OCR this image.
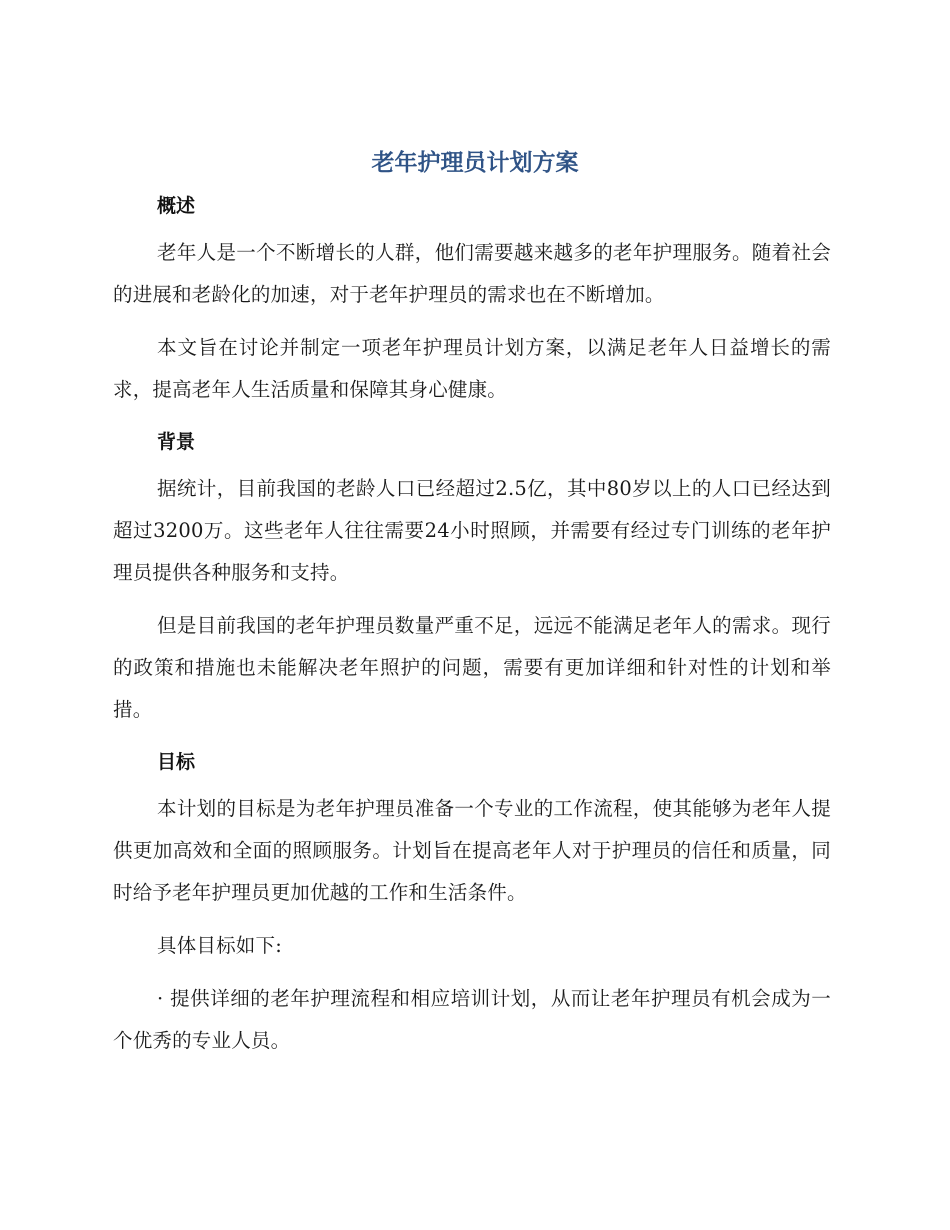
老年护理员计划方案
概述

老年人是一个不断增长的人群，他们需要越来越多的老年护理服务。随着社会的进展和老龄化的加速，对于老年护理员的需求也在不断增加。

本文旨在讨论并制定一项老年护理员计划方案，以满足老年人日益增长的需求，提高老年人生活质量和保障其身心健康。

背景

据统计，目前我国的老龄人口已经超过2.5亿，其中80岁以上的人口已经达到超过3200万。这些老年人往往需要24小时照顾，并需要有经过专门训练的老年护理员提供各种服务和支持。

但是目前我国的老年护理员数量严重不足，远远不能满足老年人的需求。现行的政策和措施也未能解决老年照护的问题，需要有更加详细和针对性的计划和举措。

目标

本计划的目标是为老年护理员准备一个专业的工作流程，使其能够为老年人提供更加高效和全面的照顾服务。计划旨在提高老年人对于护理员的信任和质量，同时给予老年护理员更加优越的工作和生活条件。

具体目标如下:

· 提供详细的老年护理流程和相应培训计划，从而让老年护理员有机会成为一个优秀的专业人员。
